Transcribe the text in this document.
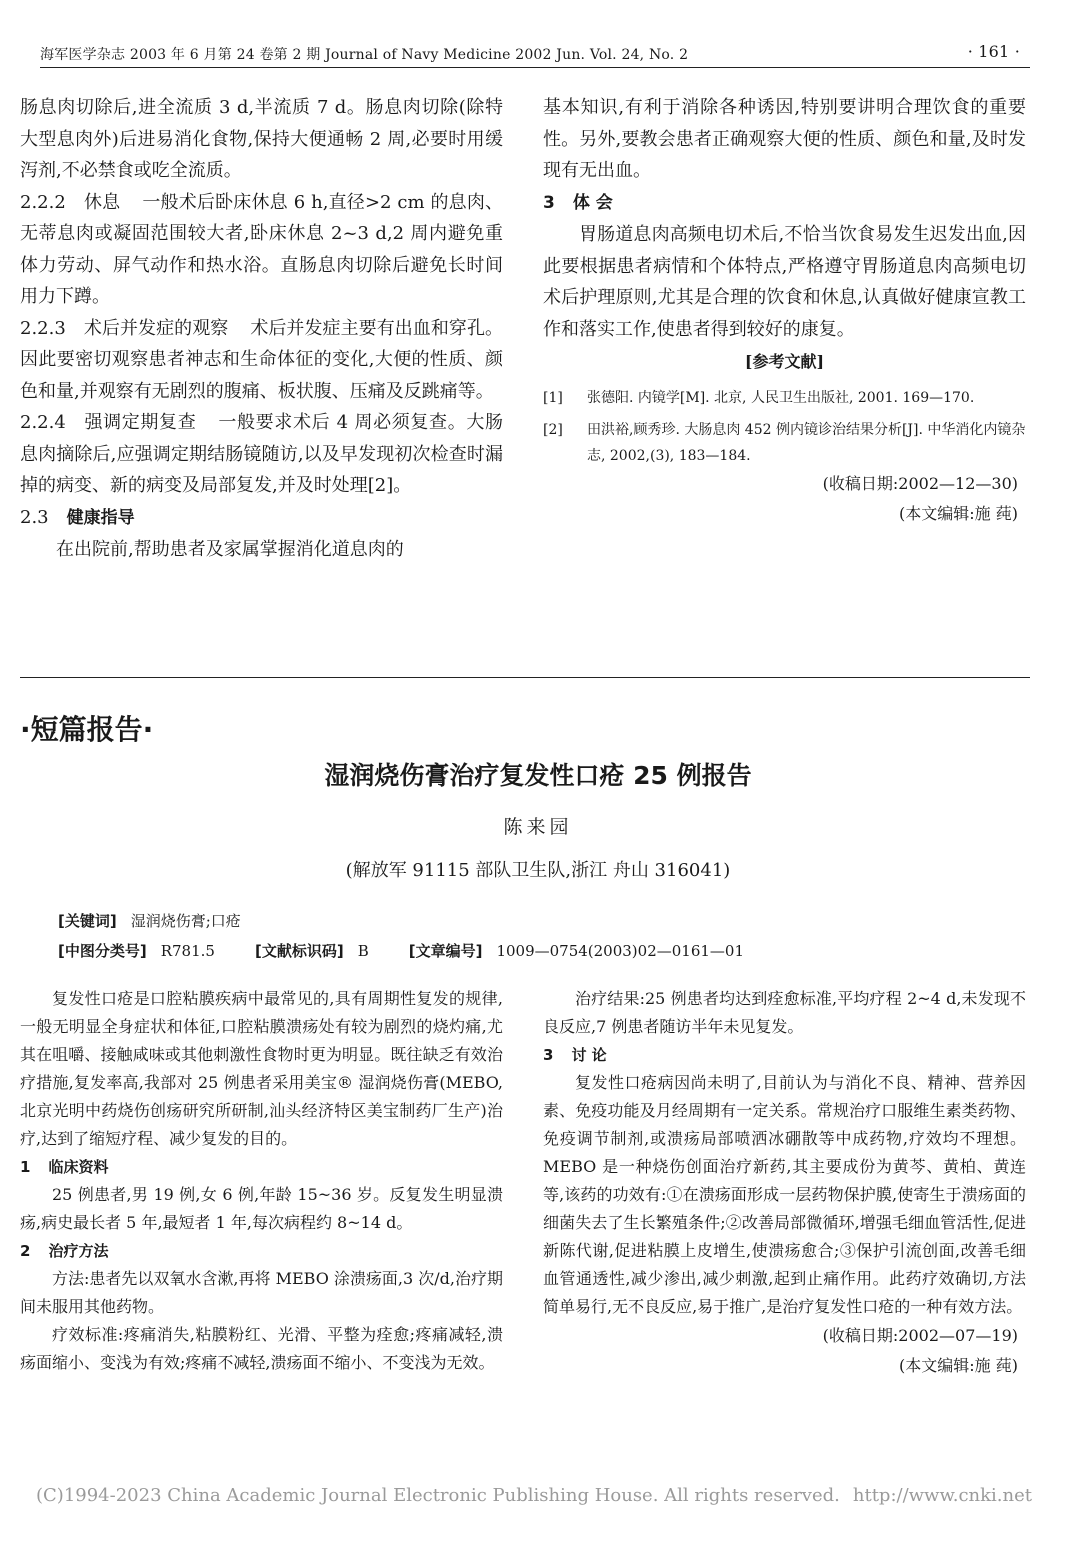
海军医学杂志 2003 年 6 月第 24 卷第 2 期 Journal of Navy Medicine 2002 Jun. Vol. 24, No. 2	· 161 ·

肠息肉切除后,进全流质 3 d,半流质 7 d。肠息肉切除(除特大型息肉外)后进易消化食物,保持大便通畅 2 周,必要时用缓泻剂,不必禁食或吃全流质。

2.2.2 休息 一般术后卧床休息 6 h,直径>2 cm 的息肉、无蒂息肉或凝固范围较大者,卧床休息 2~3 d,2 周内避免重体力劳动、屏气动作和热水浴。直肠息肉切除后避免长时间用力下蹲。

2.2.3 术后并发症的观察 术后并发症主要有出血和穿孔。因此要密切观察患者神志和生命体征的变化,大便的性质、颜色和量,并观察有无剧烈的腹痛、板状腹、压痛及反跳痛等。

2.2.4 强调定期复查 一般要求术后 4 周必须复查。大肠息肉摘除后,应强调定期结肠镜随访,以及早发现初次检查时漏掉的病变、新的病变及局部复发,并及时处理[2]。

2.3 健康指导

在出院前,帮助患者及家属掌握消化道息肉的

基本知识,有利于消除各种诱因,特别要讲明合理饮食的重要性。另外,要教会患者正确观察大便的性质、颜色和量,及时发现有无出血。

3 体 会

胃肠道息肉高频电切术后,不恰当饮食易发生迟发出血,因此要根据患者病情和个体特点,严格遵守胃肠道息肉高频电切术后护理原则,尤其是合理的饮食和休息,认真做好健康宣教工作和落实工作,使患者得到较好的康复。

[参考文献]

[1] 张德阳. 内镜学[M]. 北京, 人民卫生出版社, 2001. 169—170.

[2] 田洪裕,顾秀珍. 大肠息肉 452 例内镜诊治结果分析[J]. 中华消化内镜杂志, 2002,(3), 183—184.

(收稿日期:2002—12—30)

(本文编辑:施 莼)

·短篇报告·
湿润烧伤膏治疗复发性口疮 25 例报告
陈来园
(解放军 91115 部队卫生队,浙江 舟山 316041)
[关键词] 湿润烧伤膏;口疮
[中图分类号] R781.5	[文献标识码] B	[文章编号] 1009—0754(2003)02—0161—01

复发性口疮是口腔粘膜疾病中最常见的,具有周期性复发的规律,一般无明显全身症状和体征,口腔粘膜溃疡处有较为剧烈的烧灼痛,尤其在咀嚼、接触咸味或其他刺激性食物时更为明显。既往缺乏有效治疗措施,复发率高,我部对 25 例患者采用美宝® 湿润烧伤膏(MEBO,北京光明中药烧伤创疡研究所研制,汕头经济特区美宝制药厂生产)治疗,达到了缩短疗程、减少复发的目的。

1 临床资料

25 例患者,男 19 例,女 6 例,年龄 15~36 岁。反复发生明显溃疡,病史最长者 5 年,最短者 1 年,每次病程约 8~14 d。

2 治疗方法

方法:患者先以双氧水含漱,再将 MEBO 涂溃疡面,3 次/d,治疗期间未服用其他药物。

疗效标准:疼痛消失,粘膜粉红、光滑、平整为痊愈;疼痛减轻,溃疡面缩小、变浅为有效;疼痛不减轻,溃疡面不缩小、不变浅为无效。

治疗结果:25 例患者均达到痊愈标准,平均疗程 2~4 d,未发现不良反应,7 例患者随访半年未见复发。

3 讨 论

复发性口疮病因尚未明了,目前认为与消化不良、精神、营养因素、免疫功能及月经周期有一定关系。常规治疗口服维生素类药物、免疫调节制剂,或溃疡局部喷洒冰硼散等中成药物,疗效均不理想。MEBO 是一种烧伤创面治疗新药,其主要成份为黄芩、黄柏、黄连等,该药的功效有:①在溃疡面形成一层药物保护膜,使寄生于溃疡面的细菌失去了生长繁殖条件;②改善局部微循环,增强毛细血管活性,促进新陈代谢,促进粘膜上皮增生,使溃疡愈合;③保护引流创面,改善毛细血管通透性,减少渗出,减少刺激,起到止痛作用。此药疗效确切,方法简单易行,无不良反应,易于推广,是治疗复发性口疮的一种有效方法。

(收稿日期:2002—07—19)

(本文编辑:施 莼)

(C)1994-2023 China Academic Journal Electronic Publishing House. All rights reserved. http://www.cnki.net
